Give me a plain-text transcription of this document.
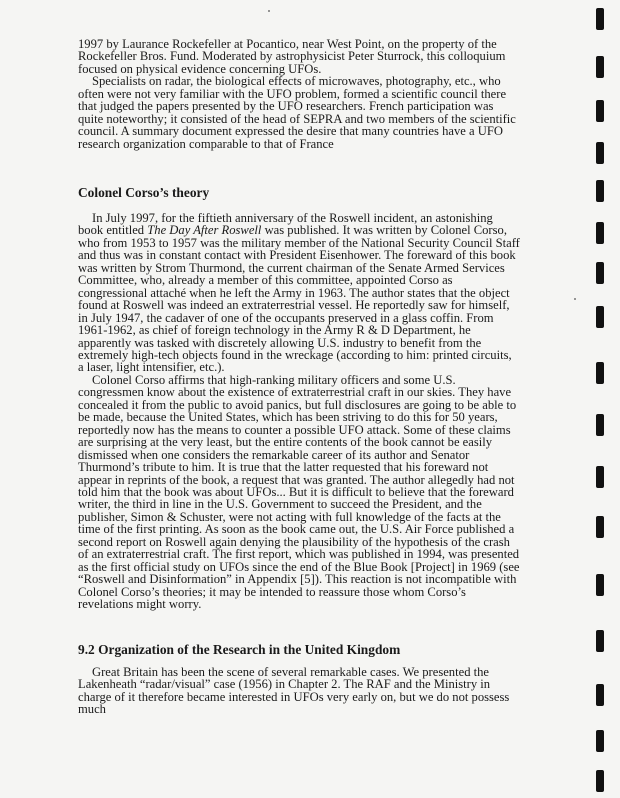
1997 by Laurance Rockefeller at Pocantico, near West Point, on the property of the Rockefeller Bros. Fund. Moderated by astrophysicist Peter Sturrock, this colloquium focused on physical evidence concerning UFOs.

Specialists on radar, the biological effects of microwaves, photography, etc., who often were not very familiar with the UFO problem, formed a scientific council there that judged the papers presented by the UFO researchers. French participation was quite noteworthy; it consisted of the head of SEPRA and two members of the scientific council. A summary document expressed the desire that many countries have a UFO research organization comparable to that of France

Colonel Corso’s theory

In July 1997, for the fiftieth anniversary of the Roswell incident, an astonishing book entitled The Day After Roswell was published. It was written by Colonel Corso, who from 1953 to 1957 was the military member of the National Security Council Staff and thus was in constant contact with President Eisenhower. The foreward of this book was written by Strom Thurmond, the current chairman of the Senate Armed Services Committee, who, already a member of this committee, appointed Corso as congressional attaché when he left the Army in 1963. The author states that the object found at Roswell was indeed an extraterrestrial vessel. He reportedly saw for himself, in July 1947, the cadaver of one of the occupants preserved in a glass coffin. From 1961-1962, as chief of foreign technology in the Army R & D Department, he apparently was tasked with discretely allowing U.S. industry to benefit from the extremely high-tech objects found in the wreckage (according to him: printed circuits, a laser, light intensifier, etc.).

Colonel Corso affirms that high-ranking military officers and some U.S. congressmen know about the existence of extraterrestrial craft in our skies. They have concealed it from the public to avoid panics, but full disclosures are going to be able to be made, because the United States, which has been striving to do this for 50 years, reportedly now has the means to counter a possible UFO attack. Some of these claims are surprising at the very least, but the entire contents of the book cannot be easily dismissed when one considers the remarkable career of its author and Senator Thurmond’s tribute to him. It is true that the latter requested that his foreward not appear in reprints of the book, a request that was granted. The author allegedly had not told him that the book was about UFOs... But it is difficult to believe that the foreward writer, the third in line in the U.S. Government to succeed the President, and the publisher, Simon & Schuster, were not acting with full knowledge of the facts at the time of the first printing. As soon as the book came out, the U.S. Air Force published a second report on Roswell again denying the plausibility of the hypothesis of the crash of an extraterrestrial craft. The first report, which was published in 1994, was presented as the first official study on UFOs since the end of the Blue Book [Project] in 1969 (see “Roswell and Disinformation” in Appendix [5]). This reaction is not incompatible with Colonel Corso’s theories; it may be intended to reassure those whom Corso’s revelations might worry.

9.2 Organization of the Research in the United Kingdom

Great Britain has been the scene of several remarkable cases. We presented the Lakenheath “radar/visual” case (1956) in Chapter 2. The RAF and the Ministry in charge of it therefore became interested in UFOs very early on, but we do not possess much
